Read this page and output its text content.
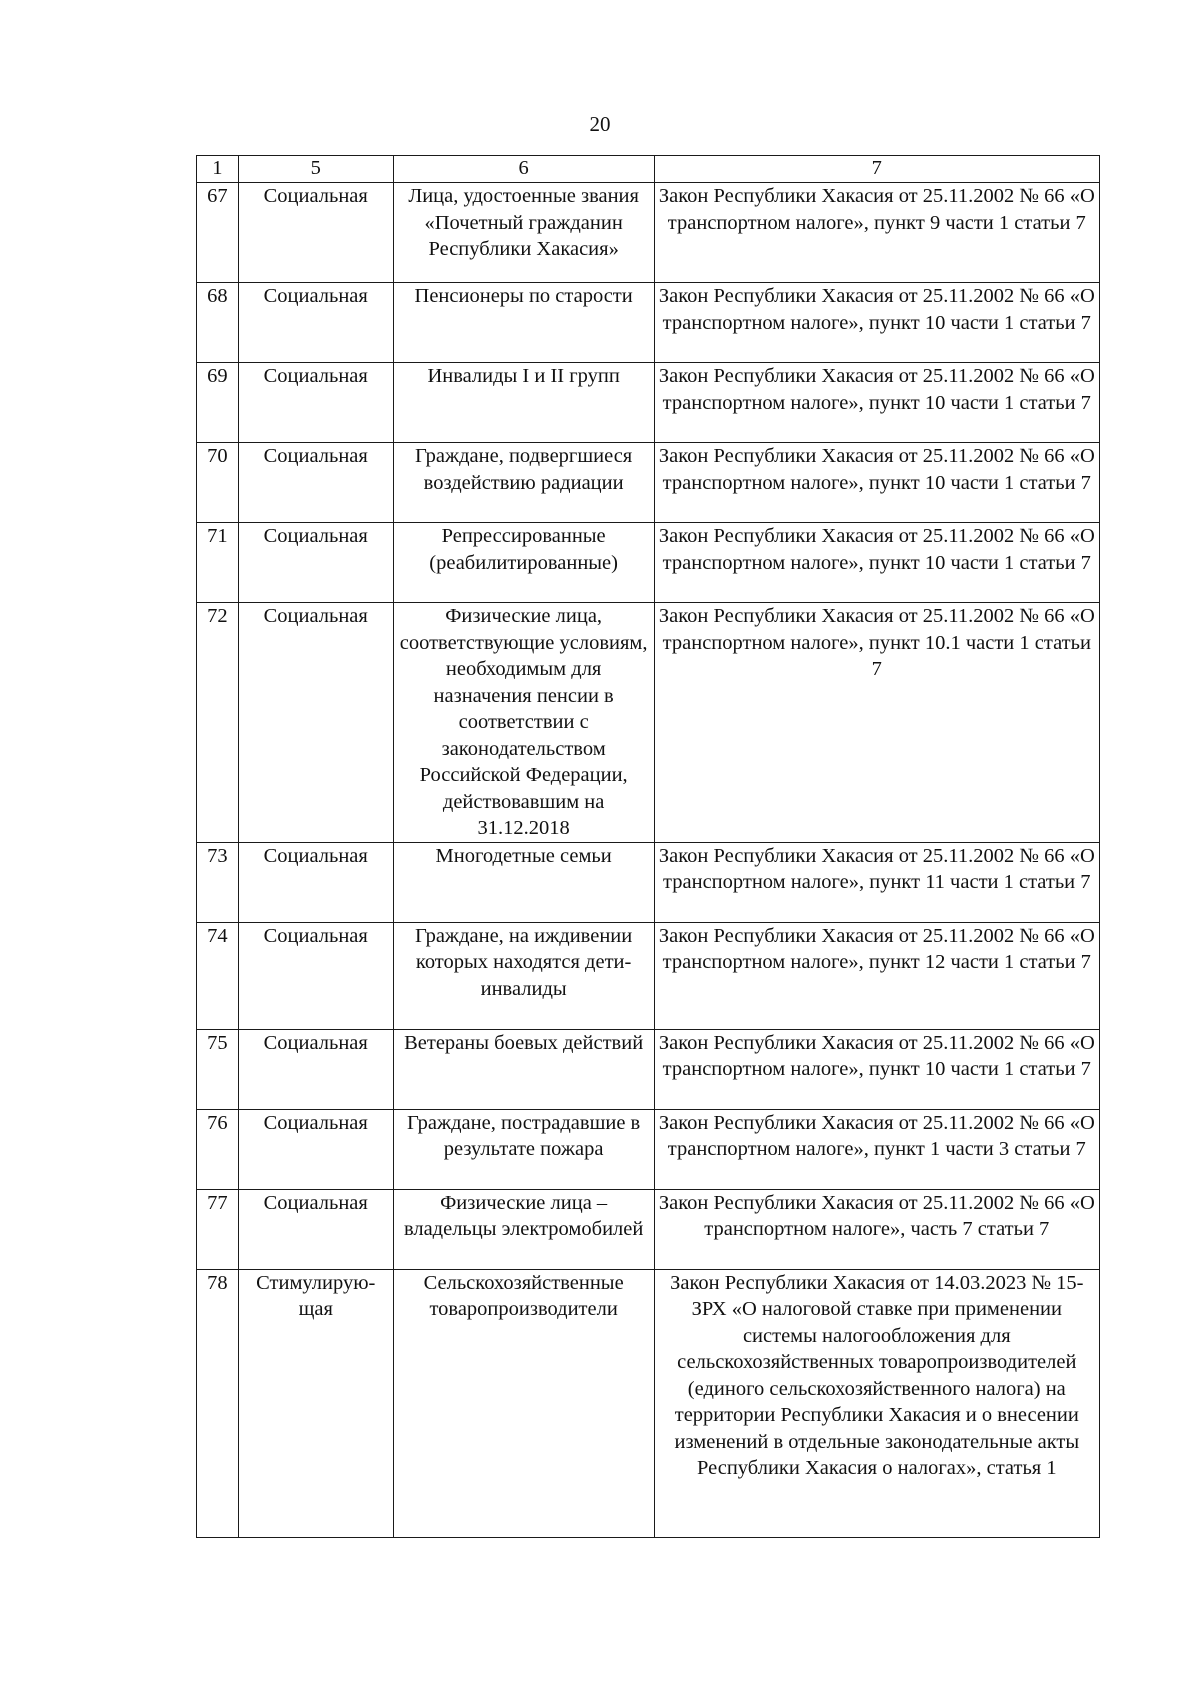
20
1	5	6	7
67	Социальная	Лица, удостоенные звания «Почетный гражданин Республики Хакасия»	Закон Республики Хакасия от 25.11.2002 № 66 «О транспортном налоге», пункт 9 части 1 статьи 7
68	Социальная	Пенсионеры по старости	Закон Республики Хакасия от 25.11.2002 № 66 «О транспортном налоге», пункт 10 части 1 статьи 7
69	Социальная	Инвалиды I и II групп	Закон Республики Хакасия от 25.11.2002 № 66 «О транспортном налоге», пункт 10 части 1 статьи 7
70	Социальная	Граждане, подвергшиеся воздействию радиации	Закон Республики Хакасия от 25.11.2002 № 66 «О транспортном налоге», пункт 10 части 1 статьи 7
71	Социальная	Репрессированные (реабилитированные)	Закон Республики Хакасия от 25.11.2002 № 66 «О транспортном налоге», пункт 10 части 1 статьи 7
72	Социальная	Физические лица, соответствующие условиям, необходимым для назначения пенсии в соответствии с законодательством Российской Федерации, действовавшим на 31.12.2018	Закон Республики Хакасия от 25.11.2002 № 66 «О транспортном налоге», пункт 10.1 части 1 статьи 7
73	Социальная	Многодетные семьи	Закон Республики Хакасия от 25.11.2002 № 66 «О транспортном налоге», пункт 11 части 1 статьи 7
74	Социальная	Граждане, на иждивении которых находятся дети-инвалиды	Закон Республики Хакасия от 25.11.2002 № 66 «О транспортном налоге», пункт 12 части 1 статьи 7
75	Социальная	Ветераны боевых действий	Закон Республики Хакасия от 25.11.2002 № 66 «О транспортном налоге», пункт 10 части 1 статьи 7
76	Социальная	Граждане, пострадавшие в результате пожара	Закон Республики Хакасия от 25.11.2002 № 66 «О транспортном налоге», пункт 1 части 3 статьи 7
77	Социальная	Физические лица – владельцы электромобилей	Закон Республики Хакасия от 25.11.2002 № 66 «О транспортном налоге», часть 7 статьи 7
78	Стимулирую-щая	Сельскохозяйственные товаропроизводители	Закон Республики Хакасия от 14.03.2023 № 15-ЗРХ «О налоговой ставке при применении системы налогообложения для сельскохозяйственных товаропроизводителей (единого сельскохозяйственного налога) на территории Республики Хакасия и о внесении изменений в отдельные законодательные акты Республики Хакасия о налогах», статья 1
